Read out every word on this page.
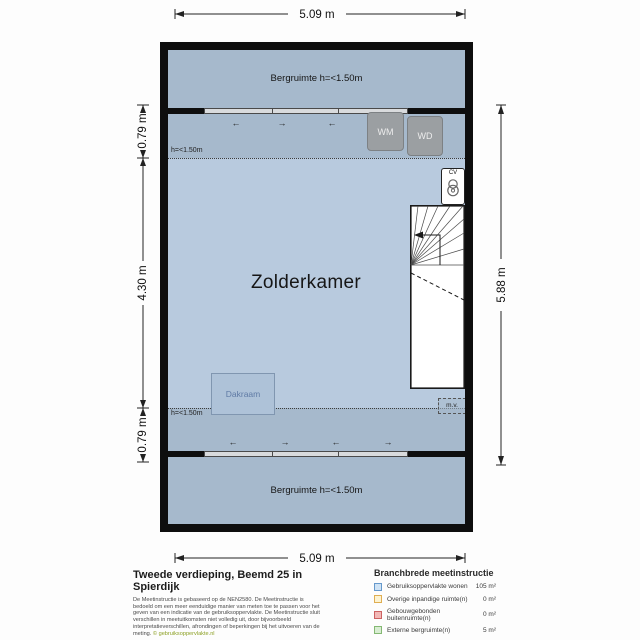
5.09 m
0.79 m
4.30 m
0.79 m
5.88 m
5.09 m
Bergruimte h=<1.50m
Bergruimte h=<1.50m
←	→	←
←	→	←	→
h=<1.50m
h=<1.50m
WM	WD
CV
Dakraam
m.v.
Zolderkamer
Tweede verdieping, Beemd 25 in Spierdijk
De Meetinstructie is gebaseerd op de NEN2580. De Meetinstructie is bedoeld om een meer eenduidige manier van meten toe te passen voor het geven van een indicatie van de gebruiksoppervlakte. De Meetinstructie sluit verschillen in meetuitkomsten niet volledig uit, door bijvoorbeeld interpretatieverschillen, afrondingen of beperkingen bij het uitvoeren van de meting. © gebruiksoppervlakte.nl
Branchbrede meetinstructie
Gebruiksoppervlakte wonen	105 m²
Overige inpandige ruimte(n)	0 m²
Gebouwgebonden buitenruimte(n)	0 m²
Externe bergruimte(n)	5 m²
